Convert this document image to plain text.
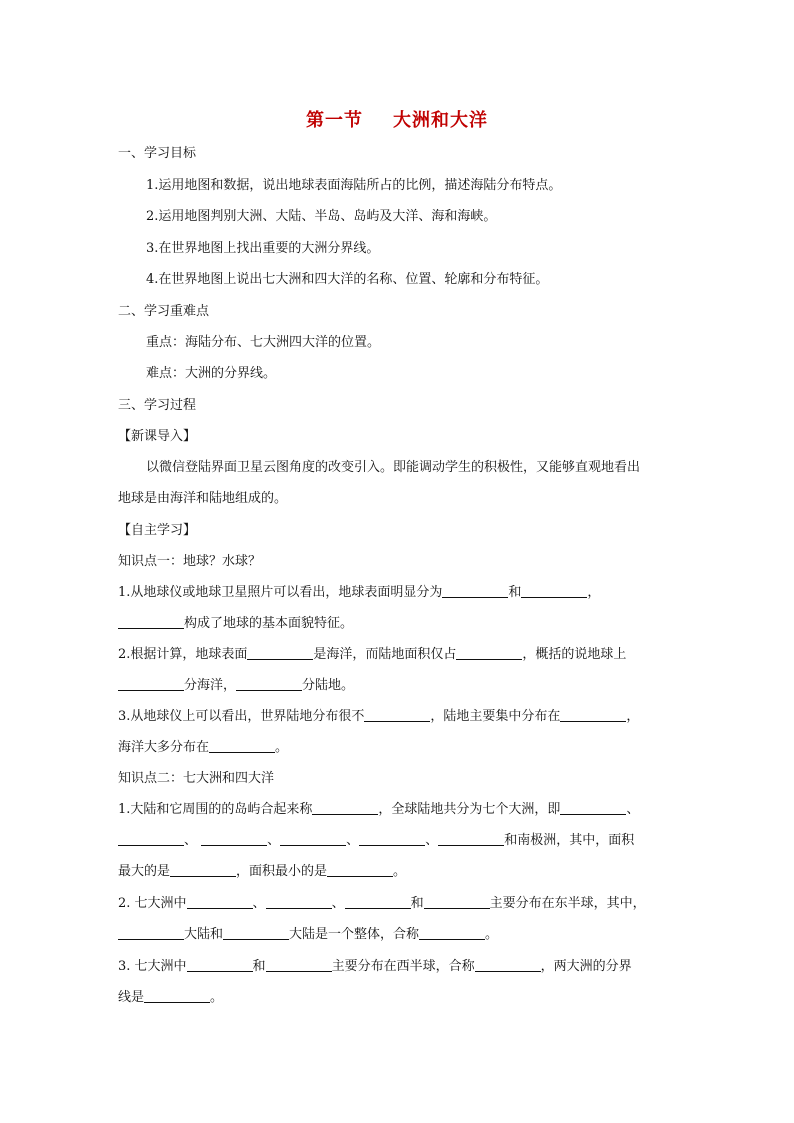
第一节 大洲和大洋
一、学习目标
1.运用地图和数据，说出地球表面海陆所占的比例，描述海陆分布特点。
2.运用地图判别大洲、大陆、半岛、岛屿及大洋、海和海峡。
3.在世界地图上找出重要的大洲分界线。
4.在世界地图上说出七大洲和四大洋的名称、位置、轮廓和分布特征。
二、学习重难点
重点：海陆分布、七大洲四大洋的位置。
难点：大洲的分界线。
三、学习过程
【新课导入】
以微信登陆界面卫星云图角度的改变引入。即能调动学生的积极性，又能够直观地看出
地球是由海洋和陆地组成的。
【自主学习】
知识点一：地球？水球？
1.从地球仪或地球卫星照片可以看出，地球表面明显分为	和	，
构成了地球的基本面貌特征。
2.根据计算，地球表面	是海洋，而陆地面积仅占	，概括的说地球上
分海洋，	分陆地。
3.从地球仪上可以看出，世界陆地分布很不	，陆地主要集中分布在	，
海洋大多分布在	。
知识点二：七大洲和四大洋
1.大陆和它周围的的岛屿合起来称	，全球陆地共分为七个大洲，即	、
、	、	、	、	和南极洲，其中，面积
最大的是	，面积最小的是	。
2. 七大洲中	、	、	和	主要分布在东半球，其中，
大陆和	大陆是一个整体，合称	。
3. 七大洲中	和	主要分布在西半球，合称	，两大洲的分界
线是	。
